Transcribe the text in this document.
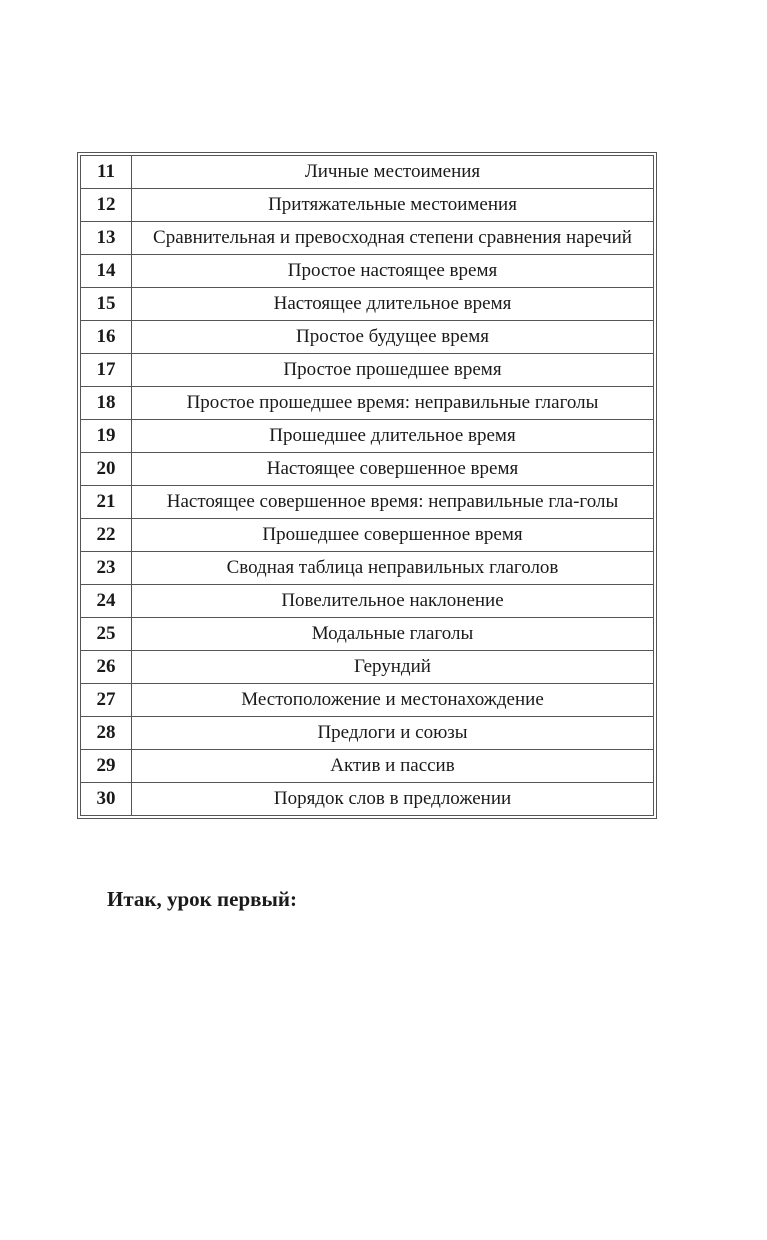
11	Личные местоимения
12	Притяжательные местоимения
13	Сравнительная и превосходная степени сравнения наречий
14	Простое настоящее время
15	Настоящее длительное время
16	Простое будущее время
17	Простое прошедшее время
18	Простое прошедшее время: неправильные глаголы
19	Прошедшее длительное время
20	Настоящее совершенное время
21	Настоящее совершенное время: неправильные гла-голы
22	Прошедшее совершенное время
23	Сводная таблица неправильных глаголов
24	Повелительное наклонение
25	Модальные глаголы
26	Герундий
27	Местоположение и местонахождение
28	Предлоги и союзы
29	Актив и пассив
30	Порядок слов в предложении

Итак, урок первый:
